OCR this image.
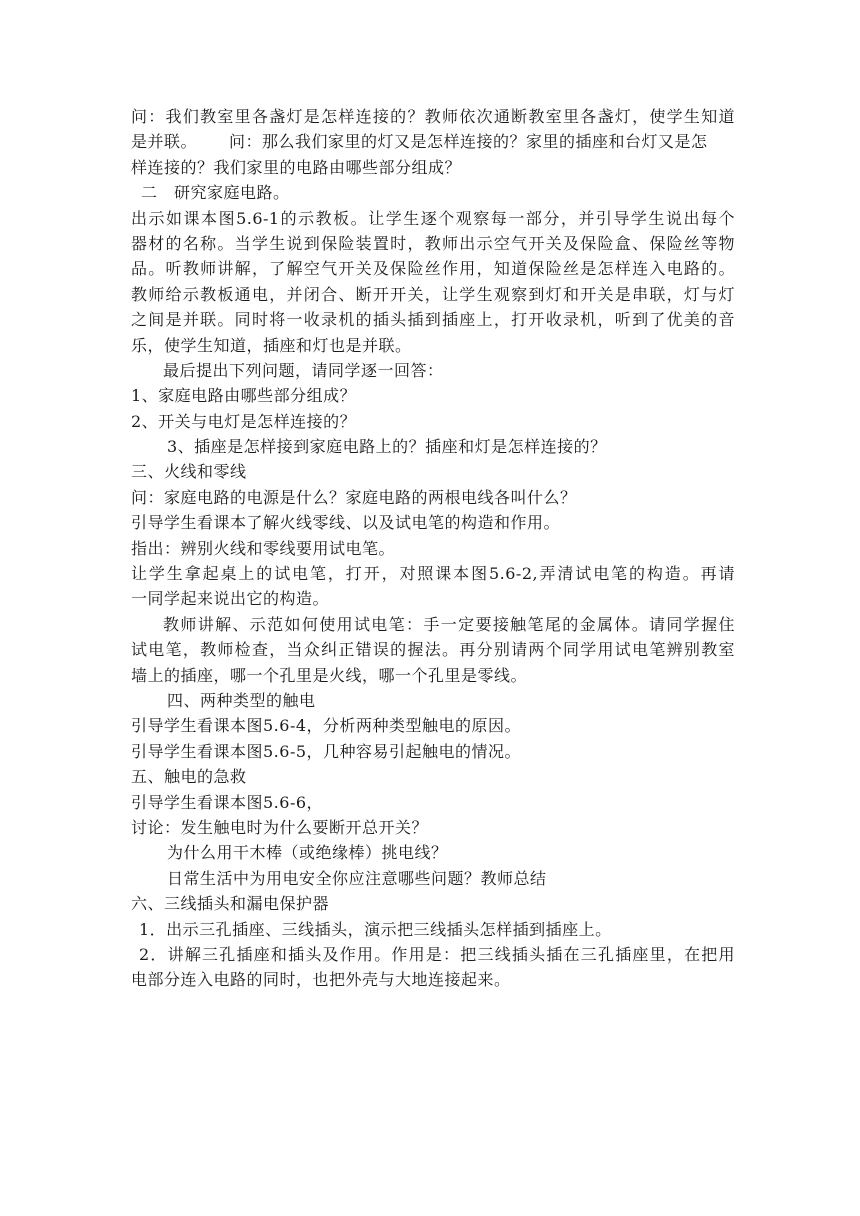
问：我们教室里各盏灯是怎样连接的？教师依次通断教室里各盏灯，使学生知道
是并联。 问：那么我们家里的灯又是怎样连接的？家里的插座和台灯又是怎
样连接的？我们家里的电路由哪些部分组成？
二　研究家庭电路。
出示如课本图5.6-1的示教板。让学生逐个观察每一部分，并引导学生说出每个
器材的名称。当学生说到保险装置时，教师出示空气开关及保险盒、保险丝等物
品。听教师讲解，了解空气开关及保险丝作用，知道保险丝是怎样连入电路的。
教师给示教板通电，并闭合、断开开关，让学生观察到灯和开关是串联，灯与灯
之间是并联。同时将一收录机的插头插到插座上，打开收录机，听到了优美的音
乐，使学生知道，插座和灯也是并联。
最后提出下列问题，请同学逐一回答：
1、家庭电路由哪些部分组成？
2、开关与电灯是怎样连接的？
3、插座是怎样接到家庭电路上的？插座和灯是怎样连接的？
三、火线和零线
问：家庭电路的电源是什么？家庭电路的两根电线各叫什么？
引导学生看课本了解火线零线、以及试电笔的构造和作用。
指出：辨别火线和零线要用试电笔。
让学生拿起桌上的试电笔，打开，对照课本图5.6-2,弄清试电笔的构造。再请
一同学起来说出它的构造。
教师讲解、示范如何使用试电笔：手一定要接触笔尾的金属体。请同学握住
试电笔，教师检查，当众纠正错误的握法。再分别请两个同学用试电笔辨别教室
墙上的插座，哪一个孔里是火线，哪一个孔里是零线。
四、两种类型的触电
引导学生看课本图5.6-4，分析两种类型触电的原因。
引导学生看课本图5.6-5，几种容易引起触电的情况。
五、触电的急救
引导学生看课本图5.6-6，
讨论：发生触电时为什么要断开总开关？
为什么用干木棒（或绝缘棒）挑电线？
日常生活中为用电安全你应注意哪些问题？教师总结
六、三线插头和漏电保护器
1．出示三孔插座、三线插头，演示把三线插头怎样插到插座上。
2．讲解三孔插座和插头及作用。作用是：把三线插头插在三孔插座里，在把用
电部分连入电路的同时，也把外壳与大地连接起来。
